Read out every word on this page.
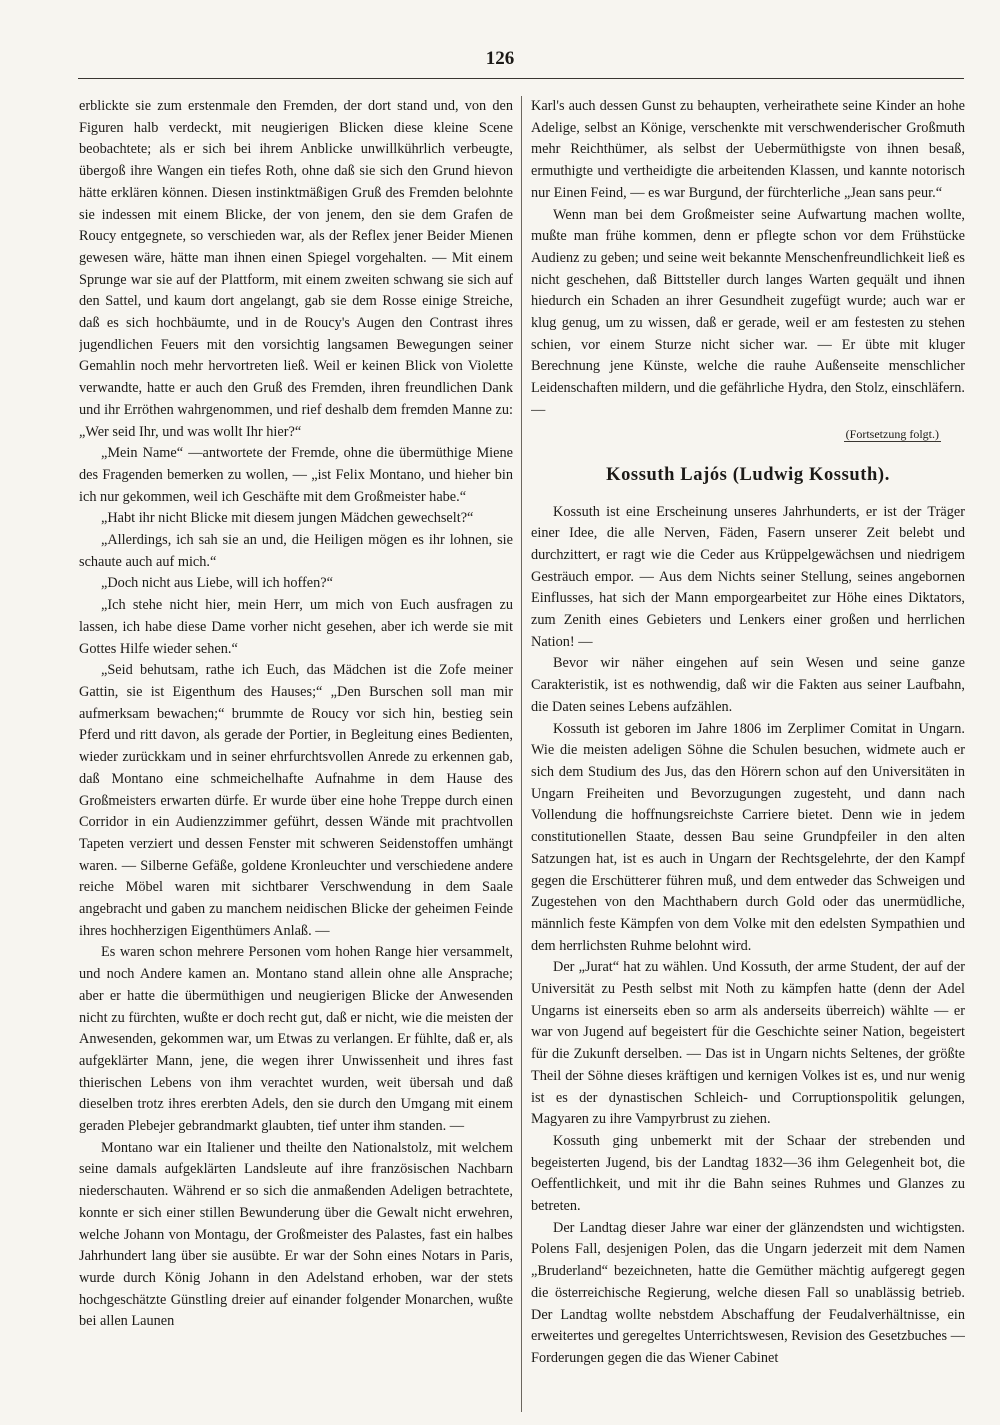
126

erblickte sie zum erstenmale den Fremden, der dort stand und, von den Figuren halb verdeckt, mit neugierigen Blicken diese kleine Scene beobachtete; als er sich bei ihrem Anblicke unwillkührlich verbeugte, übergoß ihre Wangen ein tiefes Roth, ohne daß sie sich den Grund hievon hätte erklären können. Diesen instinktmäßigen Gruß des Fremden belohnte sie indessen mit einem Blicke, der von jenem, den sie dem Grafen de Roucy entgegnete, so verschieden war, als der Reflex jener Beider Mienen gewesen wäre, hätte man ihnen einen Spiegel vorgehalten. — Mit einem Sprunge war sie auf der Plattform, mit einem zweiten schwang sie sich auf den Sattel, und kaum dort angelangt, gab sie dem Rosse einige Streiche, daß es sich hochbäumte, und in de Roucy's Augen den Contrast ihres jugendlichen Feuers mit den vorsichtig langsamen Bewegungen seiner Gemahlin noch mehr hervortreten ließ. Weil er keinen Blick von Violette verwandte, hatte er auch den Gruß des Fremden, ihren freundlichen Dank und ihr Erröthen wahrgenommen, und rief deshalb dem fremden Manne zu: „Wer seid Ihr, und was wollt Ihr hier?“

„Mein Name“ —antwortete der Fremde, ohne die übermüthige Miene des Fragenden bemerken zu wollen, — „ist Felix Montano, und hieher bin ich nur gekommen, weil ich Geschäfte mit dem Großmeister habe.“

„Habt ihr nicht Blicke mit diesem jungen Mädchen gewechselt?“

„Allerdings, ich sah sie an und, die Heiligen mögen es ihr lohnen, sie schaute auch auf mich.“

„Doch nicht aus Liebe, will ich hoffen?“

„Ich stehe nicht hier, mein Herr, um mich von Euch ausfragen zu lassen, ich habe diese Dame vorher nicht gesehen, aber ich werde sie mit Gottes Hilfe wieder sehen.“

„Seid behutsam, rathe ich Euch, das Mädchen ist die Zofe meiner Gattin, sie ist Eigenthum des Hauses;“ „Den Burschen soll man mir aufmerksam bewachen;“ brummte de Roucy vor sich hin, bestieg sein Pferd und ritt davon, als gerade der Portier, in Begleitung eines Bedienten, wieder zurückkam und in seiner ehrfurchtsvollen Anrede zu erkennen gab, daß Montano eine schmeichelhafte Aufnahme in dem Hause des Großmeisters erwarten dürfe. Er wurde über eine hohe Treppe durch einen Corridor in ein Audienzzimmer geführt, dessen Wände mit prachtvollen Tapeten verziert und dessen Fenster mit schweren Seidenstoffen umhängt waren. — Silberne Gefäße, goldene Kronleuchter und verschiedene andere reiche Möbel waren mit sichtbarer Verschwendung in dem Saale angebracht und gaben zu manchem neidischen Blicke der geheimen Feinde ihres hochherzigen Eigenthümers Anlaß. —

Es waren schon mehrere Personen vom hohen Range hier versammelt, und noch Andere kamen an. Montano stand allein ohne alle Ansprache; aber er hatte die übermüthigen und neugierigen Blicke der Anwesenden nicht zu fürchten, wußte er doch recht gut, daß er nicht, wie die meisten der Anwesenden, gekommen war, um Etwas zu verlangen. Er fühlte, daß er, als aufgeklärter Mann, jene, die wegen ihrer Unwissenheit und ihres fast thierischen Lebens von ihm verachtet wurden, weit übersah und daß dieselben trotz ihres ererbten Adels, den sie durch den Umgang mit einem geraden Plebejer gebrandmarkt glaubten, tief unter ihm standen. —

Montano war ein Italiener und theilte den Nationalstolz, mit welchem seine damals aufgeklärten Landsleute auf ihre französischen Nachbarn niederschauten. Während er so sich die anmaßenden Adeligen betrachtete, konnte er sich einer stillen Bewunderung über die Gewalt nicht erwehren, welche Johann von Montagu, der Großmeister des Palastes, fast ein halbes Jahrhundert lang über sie ausübte. Er war der Sohn eines Notars in Paris, wurde durch König Johann in den Adelstand erhoben, war der stets hochgeschätzte Günstling dreier auf einander folgender Monarchen, wußte bei allen Launen

Karl's auch dessen Gunst zu behaupten, verheirathete seine Kinder an hohe Adelige, selbst an Könige, verschenkte mit verschwenderischer Großmuth mehr Reichthümer, als selbst der Uebermüthigste von ihnen besaß, ermuthigte und vertheidigte die arbeitenden Klassen, und kannte notorisch nur Einen Feind, — es war Burgund, der fürchterliche „Jean sans peur.“

Wenn man bei dem Großmeister seine Aufwartung machen wollte, mußte man frühe kommen, denn er pflegte schon vor dem Frühstücke Audienz zu geben; und seine weit bekannte Menschenfreundlichkeit ließ es nicht geschehen, daß Bittsteller durch langes Warten gequält und ihnen hiedurch ein Schaden an ihrer Gesundheit zugefügt wurde; auch war er klug genug, um zu wissen, daß er gerade, weil er am festesten zu stehen schien, vor einem Sturze nicht sicher war. — Er übte mit kluger Berechnung jene Künste, welche die rauhe Außenseite menschlicher Leidenschaften mildern, und die gefährliche Hydra, den Stolz, einschläfern. —

(Fortsetzung folgt.)
Kossuth Lajós (Ludwig Kossuth).

Kossuth ist eine Erscheinung unseres Jahrhunderts, er ist der Träger einer Idee, die alle Nerven, Fäden, Fasern unserer Zeit belebt und durchzittert, er ragt wie die Ceder aus Krüppelgewächsen und niedrigem Gesträuch empor. — Aus dem Nichts seiner Stellung, seines angebornen Einflusses, hat sich der Mann emporgearbeitet zur Höhe eines Diktators, zum Zenith eines Gebieters und Lenkers einer großen und herrlichen Nation! —

Bevor wir näher eingehen auf sein Wesen und seine ganze Carakteristik, ist es nothwendig, daß wir die Fakten aus seiner Laufbahn, die Daten seines Lebens aufzählen.

Kossuth ist geboren im Jahre 1806 im Zerplimer Comitat in Ungarn. Wie die meisten adeligen Söhne die Schulen besuchen, widmete auch er sich dem Studium des Jus, das den Hörern schon auf den Universitäten in Ungarn Freiheiten und Bevorzugungen zugesteht, und dann nach Vollendung die hoffnungsreichste Carriere bietet. Denn wie in jedem constitutionellen Staate, dessen Bau seine Grundpfeiler in den alten Satzungen hat, ist es auch in Ungarn der Rechtsgelehrte, der den Kampf gegen die Erschütterer führen muß, und dem entweder das Schweigen und Zugestehen von den Machthabern durch Gold oder das unermüdliche, männlich feste Kämpfen von dem Volke mit den edelsten Sympathien und dem herrlichsten Ruhme belohnt wird.

Der „Jurat“ hat zu wählen. Und Kossuth, der arme Student, der auf der Universität zu Pesth selbst mit Noth zu kämpfen hatte (denn der Adel Ungarns ist einerseits eben so arm als anderseits überreich) wählte — er war von Jugend auf begeistert für die Geschichte seiner Nation, begeistert für die Zukunft derselben. — Das ist in Ungarn nichts Seltenes, der größte Theil der Söhne dieses kräftigen und kernigen Volkes ist es, und nur wenig ist es der dynastischen Schleich- und Corruptionspolitik gelungen, Magyaren zu ihre Vampyrbrust zu ziehen.

Kossuth ging unbemerkt mit der Schaar der strebenden und begeisterten Jugend, bis der Landtag 1832—36 ihm Gelegenheit bot, die Oeffentlichkeit, und mit ihr die Bahn seines Ruhmes und Glanzes zu betreten.

Der Landtag dieser Jahre war einer der glänzendsten und wichtigsten. Polens Fall, desjenigen Polen, das die Ungarn jederzeit mit dem Namen „Bruderland“ bezeichneten, hatte die Gemüther mächtig aufgeregt gegen die österreichische Regierung, welche diesen Fall so unablässig betrieb. Der Landtag wollte nebstdem Abschaffung der Feudalverhältnisse, ein erweitertes und geregeltes Unterrichtswesen, Revision des Gesetzbuches — Forderungen gegen die das Wiener Cabinet
